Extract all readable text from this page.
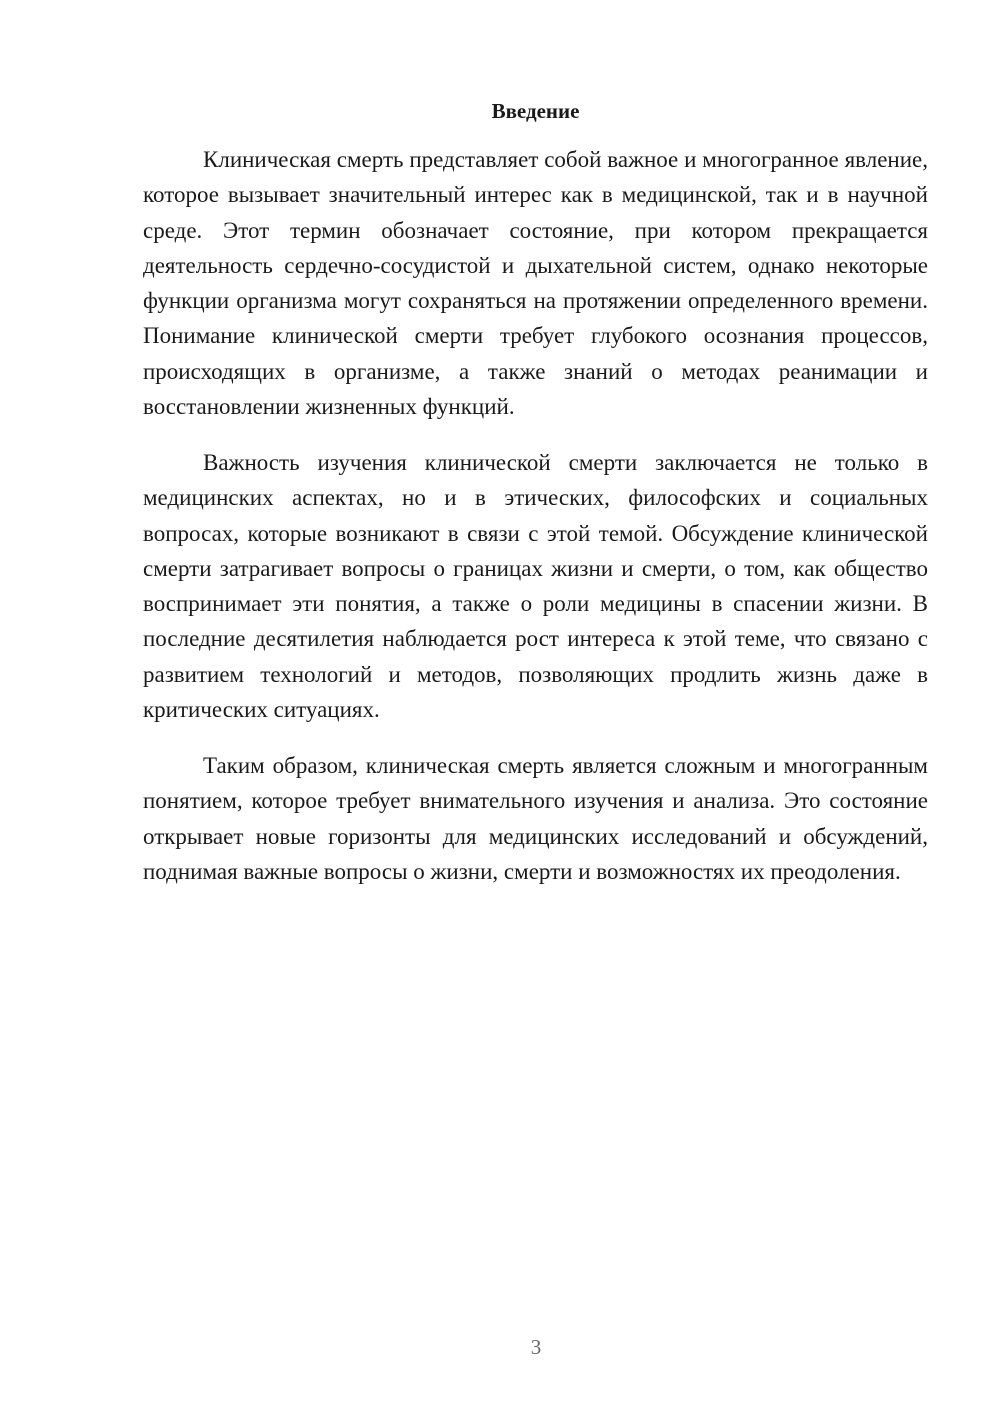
Введение

Клиническая смерть представляет собой важное и многогранное явление, которое вызывает значительный интерес как в медицинской, так и в научной среде. Этот термин обозначает состояние, при котором прекращается деятельность сердечно-сосудистой и дыхательной систем, однако некоторые функции организма могут сохраняться на протяжении определенного времени. Понимание клинической смерти требует глубокого осознания процессов, происходящих в организме, а также знаний о методах реанимации и восстановлении жизненных функций.

Важность изучения клинической смерти заключается не только в медицинских аспектах, но и в этических, философских и социальных вопросах, которые возникают в связи с этой темой. Обсуждение клинической смерти затрагивает вопросы о границах жизни и смерти, о том, как общество воспринимает эти понятия, а также о роли медицины в спасении жизни. В последние десятилетия наблюдается рост интереса к этой теме, что связано с развитием технологий и методов, позволяющих продлить жизнь даже в критических ситуациях.

Таким образом, клиническая смерть является сложным и многогранным понятием, которое требует внимательного изучения и анализа. Это состояние открывает новые горизонты для медицинских исследований и обсуждений, поднимая важные вопросы о жизни, смерти и возможностях их преодоления.

3
